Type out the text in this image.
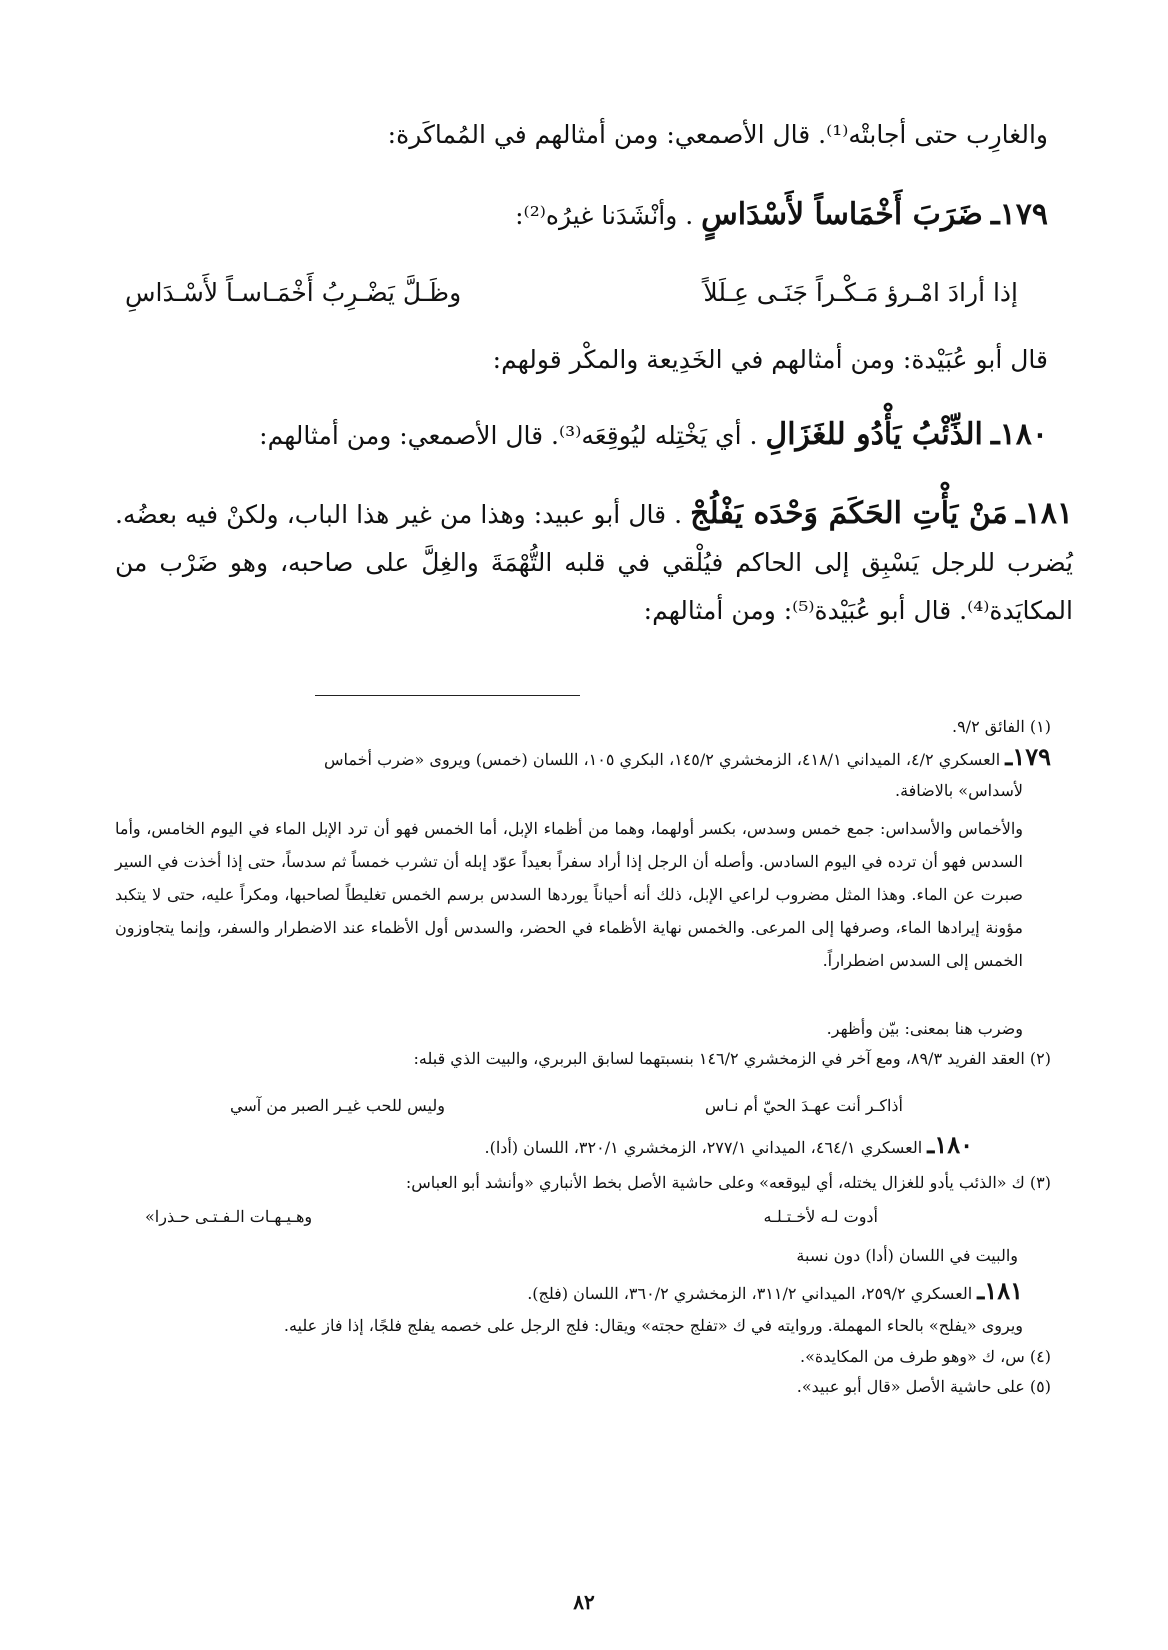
والغارِب حتى أجابتْه⁽¹⁾. قال الأصمعي: ومن أمثالهم في المُماكَرة:
١٧٩ـ ضَرَبَ أَخْمَاساً لأَسْدَاسٍ . وأنْشَدَنا غيرُه⁽²⁾:
قال أبو عُبَيْدة: ومن أمثالهم في الخَدِيعة والمكْر قولهم:
١٨٠ـ الذِّئْبُ يَأْدُو للغَزَالِ . أي يَخْتِله ليُوقِعَه⁽³⁾. قال الأصمعي: ومن أمثالهم:
١٨١ـ مَنْ يَأْتِ الحَكَمَ وَحْدَه يَفْلُجْ . قال أبو عبيد: وهذا من غير هذا الباب، ولكنْ فيه بعضُه. يُضرب للرجل يَسْبِق إلى الحاكم فيُلْقي في قلبه التُّهْمَةَ والغِلَّ على صاحبه، وهو ضَرْب من المكايَدة⁽⁴⁾. قال أبو عُبَيْدة⁽⁵⁾: ومن أمثالهم:
إذا أرادَ امْـرؤ مَـكْـراً جَنَـى عِـلَلاً
وظَـلَّ يَضْـرِبُ أَخْمَـاسـاً لأَسْـدَاسِ
(١) الفائق ٩/٢.
١٧٩ـ العسكري ٤/٢، الميداني ٤١٨/١، الزمخشري ١٤٥/٢، البكري ١٠٥، اللسان (خمس) ويروى «ضرب أخماس
لأسداس» بالاضافة.
والأخماس والأسداس: جمع خمس وسدس، بكسر أولهما، وهما من أظماء الإبل، أما الخمس فهو أن ترد الإبل الماء في اليوم الخامس، وأما السدس فهو أن ترده في اليوم السادس. وأصله أن الرجل إذا أراد سفراً بعيداً عوّد إبله أن تشرب خمساً ثم سدساً، حتى إذا أخذت في السير صبرت عن الماء. وهذا المثل مضروب لراعي الإبل، ذلك أنه أحياناً يوردها السدس برسم الخمس تغليطاً لصاحبها، ومكراً عليه، حتى لا يتكبد مؤونة إيرادها الماء، وصرفها إلى المرعى. والخمس نهاية الأظماء في الحضر، والسدس أول الأظماء عند الاضطرار والسفر، وإنما يتجاوزون الخمس إلى السدس اضطراراً.
وضرب هنا بمعنى: بيّن وأظهر.
(٢) العقد الفريد ٨٩/٣، ومع آخر في الزمخشري ١٤٦/٢ بنسبتهما لسابق البربري، والبيت الذي قبله:
أذاكـر أنت عهـدَ الحيّ أم نـاس
وليس للحب غيـر الصبر من آسي
١٨٠ـ العسكري ٤٦٤/١، الميداني ٢٧٧/١، الزمخشري ٣٢٠/١، اللسان (أدا).
(٣) ك «الذئب يأدو للغزال يختله، أي ليوقعه» وعلى حاشية الأصل بخط الأنباري «وأنشد أبو العباس:
أدوت لـه لأخـتـلـه
وهـيـهـات الـفـتـى حـذرا»
والبيت في اللسان (أدا) دون نسبة
١٨١ـ العسكري ٢٥٩/٢، الميداني ٣١١/٢، الزمخشري ٣٦٠/٢، اللسان (فلج).
ويروى «يفلح» بالحاء المهملة. وروايته في ك «تفلج حجته» ويقال: فلج الرجل على خصمه يفلج فلجًا، إذا فاز عليه.
(٤) س، ك «وهو طرف من المكايدة».
(٥) على حاشية الأصل «قال أبو عبيد».
٨٢
